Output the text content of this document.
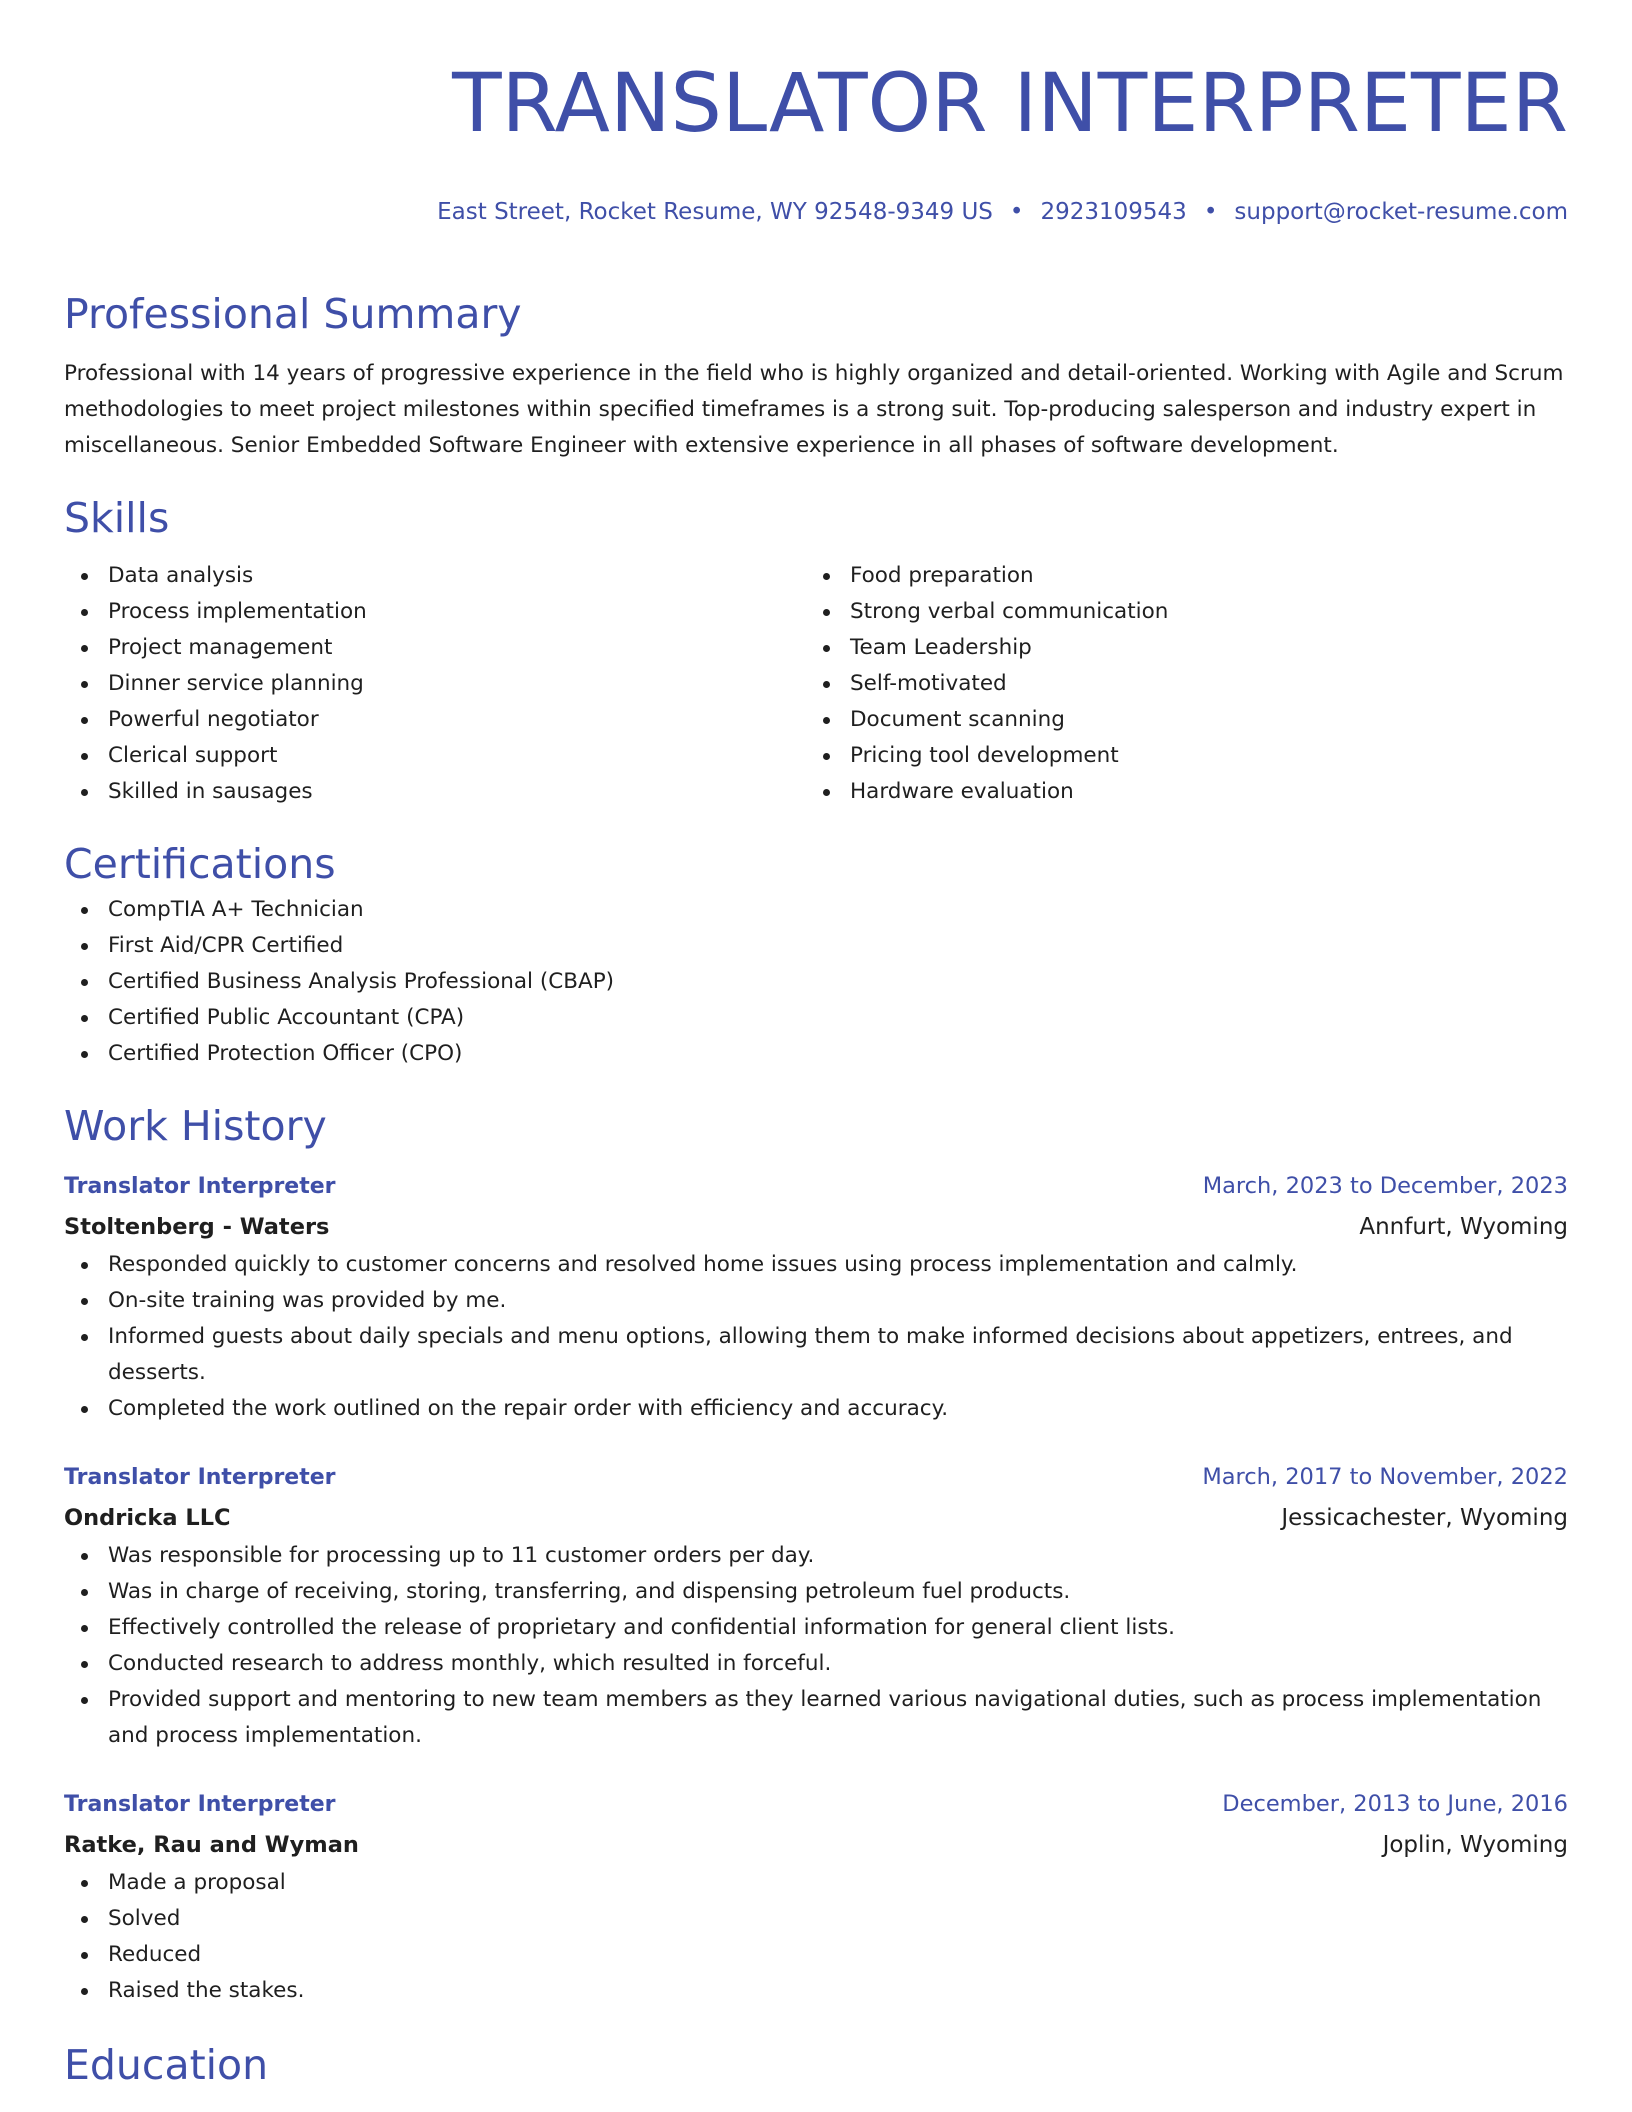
TRANSLATOR INTERPRETER
East Street, Rocket Resume, WY 92548-9349 US • 2923109543 • support@rocket-resume.com
Professional Summary
Professional with 14 years of progressive experience in the field who is highly organized and detail-oriented. Working with Agile and Scrum methodologies to meet project milestones within specified timeframes is a strong suit. Top-producing salesperson and industry expert in miscellaneous. Senior Embedded Software Engineer with extensive experience in all phases of software development.
Skills
Data analysis
Process implementation
Project management
Dinner service planning
Powerful negotiator
Clerical support
Skilled in sausages
Food preparation
Strong verbal communication
Team Leadership
Self-motivated
Document scanning
Pricing tool development
Hardware evaluation
Certifications
CompTIA A+ Technician
First Aid/CPR Certified
Certified Business Analysis Professional (CBAP)
Certified Public Accountant (CPA)
Certified Protection Officer (CPO)
Work History
Translator Interpreter	March, 2023 to December, 2023
Stoltenberg - Waters	Annfurt, Wyoming
Responded quickly to customer concerns and resolved home issues using process implementation and calmly.
On-site training was provided by me.
Informed guests about daily specials and menu options, allowing them to make informed decisions about appetizers, entrees, and desserts.
Completed the work outlined on the repair order with efficiency and accuracy.
Translator Interpreter	March, 2017 to November, 2022
Ondricka LLC	Jessicachester, Wyoming
Was responsible for processing up to 11 customer orders per day.
Was in charge of receiving, storing, transferring, and dispensing petroleum fuel products.
Effectively controlled the release of proprietary and confidential information for general client lists.
Conducted research to address monthly, which resulted in forceful.
Provided support and mentoring to new team members as they learned various navigational duties, such as process implementation and process implementation.
Translator Interpreter	December, 2013 to June, 2016
Ratke, Rau and Wyman	Joplin, Wyoming
Made a proposal
Solved
Reduced
Raised the stakes.
Education
